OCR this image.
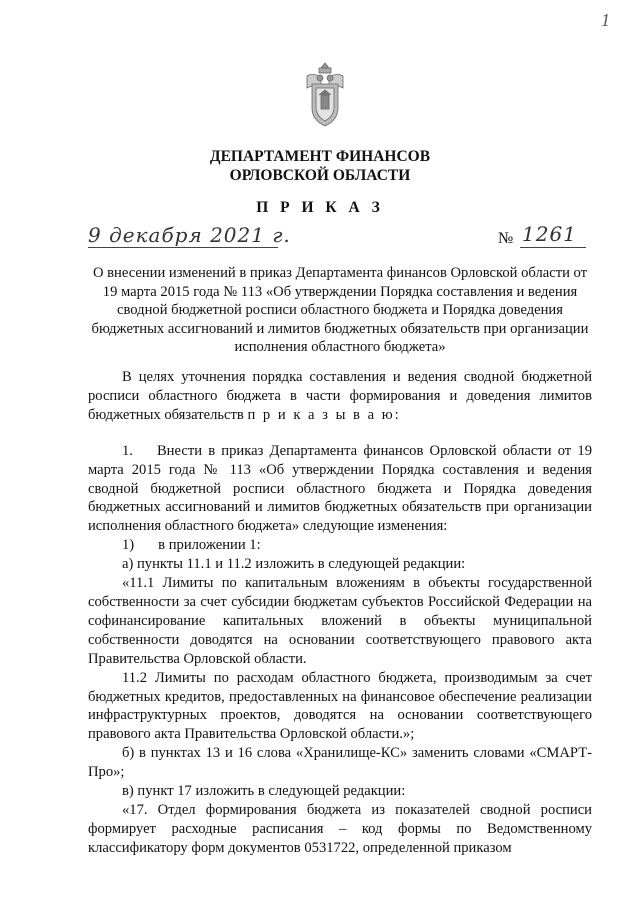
1
ДЕПАРТАМЕНТ ФИНАНСОВ
ОРЛОВСКОЙ ОБЛАСТИ
П Р И К А З
9 декабря 2021 г.	№ 1261
О внесении изменений в приказ Департамента финансов Орловской области от 19 марта 2015 года № 113 «Об утверждении Порядка составления и ведения сводной бюджетной росписи областного бюджета и Порядка доведения бюджетных ассигнований и лимитов бюджетных обязательств при организации исполнения областного бюджета»

В целях уточнения порядка составления и ведения сводной бюджетной росписи областного бюджета в части формирования и доведения лимитов бюджетных обязательств п р и к а з ы в а ю:

1. Внести в приказ Департамента финансов Орловской области от 19 марта 2015 года № 113 «Об утверждении Порядка составления и ведения сводной бюджетной росписи областного бюджета и Порядка доведения бюджетных ассигнований и лимитов бюджетных обязательств при организации исполнения областного бюджета» следующие изменения:

1) в приложении 1:

а) пункты 11.1 и 11.2 изложить в следующей редакции:

«11.1 Лимиты по капитальным вложениям в объекты государственной собственности за счет субсидии бюджетам субъектов Российской Федерации на софинансирование капитальных вложений в объекты муниципальной собственности доводятся на основании соответствующего правового акта Правительства Орловской области.

11.2 Лимиты по расходам областного бюджета, производимым за счет бюджетных кредитов, предоставленных на финансовое обеспечение реализации инфраструктурных проектов, доводятся на основании соответствующего правового акта Правительства Орловской области.»;

б) в пунктах 13 и 16 слова «Хранилище-КС» заменить словами «СМАРТ- Про»;

в) пункт 17 изложить в следующей редакции:

«17. Отдел формирования бюджета из показателей сводной росписи формирует расходные расписания – код формы по Ведомственному классификатору форм документов 0531722, определенной приказом
